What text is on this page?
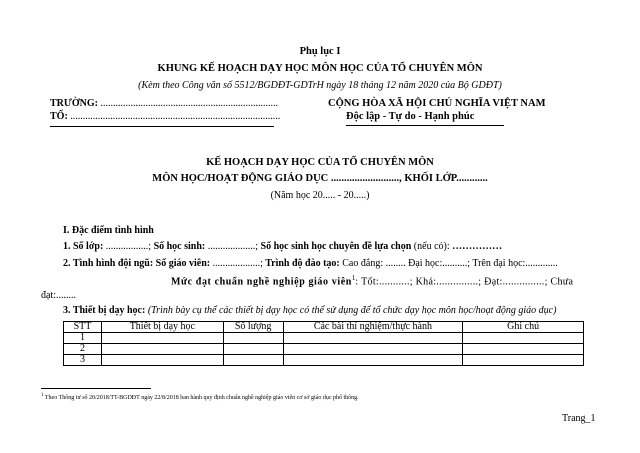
Phụ lục I
KHUNG KẾ HOẠCH DẠY HỌC MÔN HỌC CỦA TỔ CHUYÊN MÔN
(Kèm theo Công văn số 5512/BGDĐT-GDTrH ngày 18 tháng 12 năm 2020 của Bộ GDĐT)
TRƯỜNG: .......................................................................
TỔ: ....................................................................................
CỘNG HÒA XÃ HỘI CHỦ NGHĨA VIỆT NAM
Độc lập - Tự do - Hạnh phúc
KẾ HOẠCH DẠY HỌC CỦA TỔ CHUYÊN MÔN
MÔN HỌC/HOẠT ĐỘNG GIÁO DỤC .........................., KHỐI LỚP............
(Năm học 20..... - 20.....)
I. Đặc điểm tình hình
1. Số lớp: .................; Số học sinh: ...................; Số học sinh học chuyên đề lựa chọn (nếu có): ……………
2. Tình hình đội ngũ: Số giáo viên: ...................; Trình độ đào tạo: Cao đẳng: ........ Đại học:..........; Trên đại học:.............
Mức đạt chuẩn nghề nghiệp giáo viên$^1$: Tốt:...........; Khá:...............; Đạt:...............; Chưa
đạt:........
3. Thiết bị dạy học: (Trình bày cụ thể các thiết bị dạy học có thể sử dụng để tổ chức dạy học môn học/hoạt động giáo dục)
STT	Thiết bị dạy học	Số lượng	Các bài thí nghiệm/thực hành	Ghi chú
1				
2				
3				
$^1$ Theo Thông tư số 20/2018/TT-BGDĐT ngày 22/8/2018 ban hành quy định chuẩn nghề nghiệp giáo viên cơ sở giáo dục phổ thông.
Trang_1
